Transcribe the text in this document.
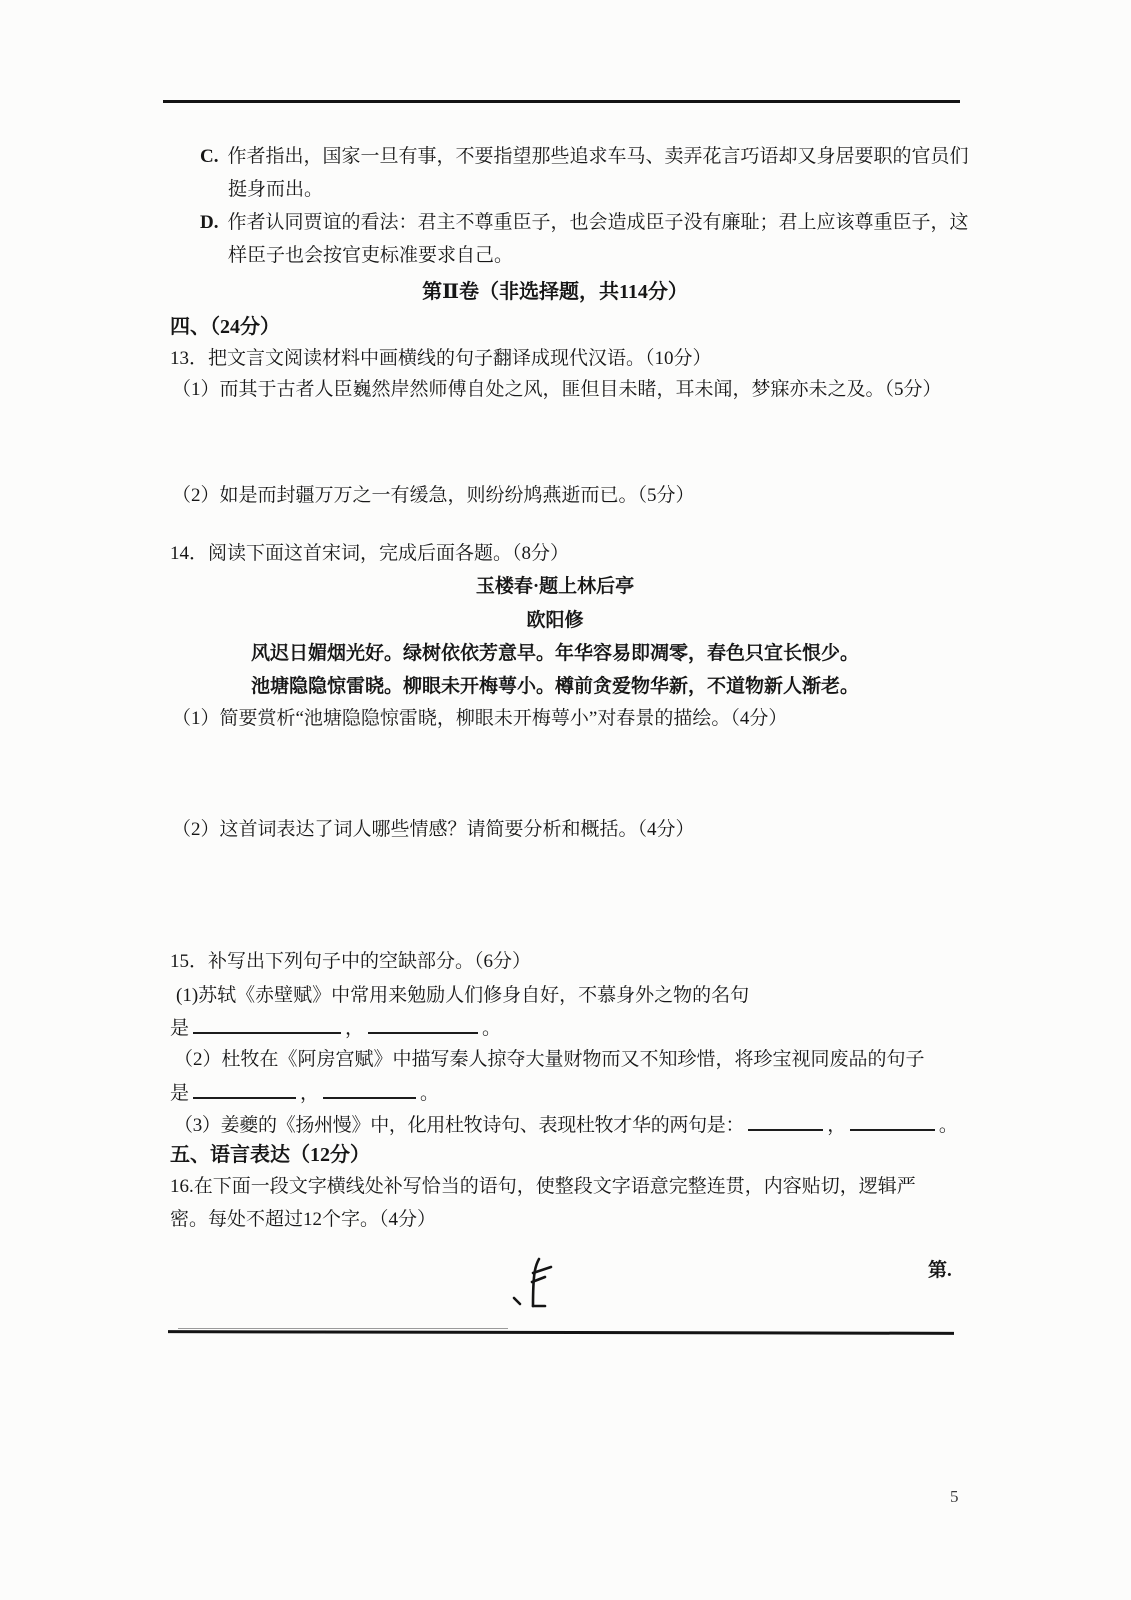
C. 作者指出，国家一旦有事，不要指望那些追求车马、卖弄花言巧语却又身居要职的官员们挺身而出。
D. 作者认同贾谊的看法：君主不尊重臣子，也会造成臣子没有廉耻；君上应该尊重臣子，这样臣子也会按官吏标准要求自己。
第Ⅱ卷（非选择题，共114分）
四、（24分）
13．把文言文阅读材料中画横线的句子翻译成现代汉语。（10分）
（1）而其于古者人臣巍然岸然师傅自处之风，匪但目未睹，耳未闻，梦寐亦未之及。（5分）
（2）如是而封疆万万之一有缓急，则纷纷鸠燕逝而已。（5分）
14．阅读下面这首宋词，完成后面各题。（8分）
玉楼春·题上林后亭
欧阳修
风迟日媚烟光好。绿树依依芳意早。年华容易即凋零，春色只宜长恨少。
池塘隐隐惊雷晓。柳眼未开梅萼小。樽前贪爱物华新，不道物新人渐老。
（1）简要赏析“池塘隐隐惊雷晓，柳眼未开梅萼小”对春景的描绘。（4分）
（2）这首词表达了词人哪些情感？请简要分析和概括。（4分）
15．补写出下列句子中的空缺部分。（6分）
(1)苏轼《赤壁赋》中常用来勉励人们修身自好，不慕身外之物的名句
是	，	。
（2）杜牧在《阿房宫赋》中描写秦人掠夺大量财物而又不知珍惜，将珍宝视同废品的句子
是	，	。
（3）姜夔的《扬州慢》中，化用杜牧诗句、表现杜牧才华的两句是：	，	。
五、语言表达（12分）
16.在下面一段文字横线处补写恰当的语句，使整段文字语意完整连贯，内容贴切，逻辑严密。每处不超过12个字。（4分）
第.
5
